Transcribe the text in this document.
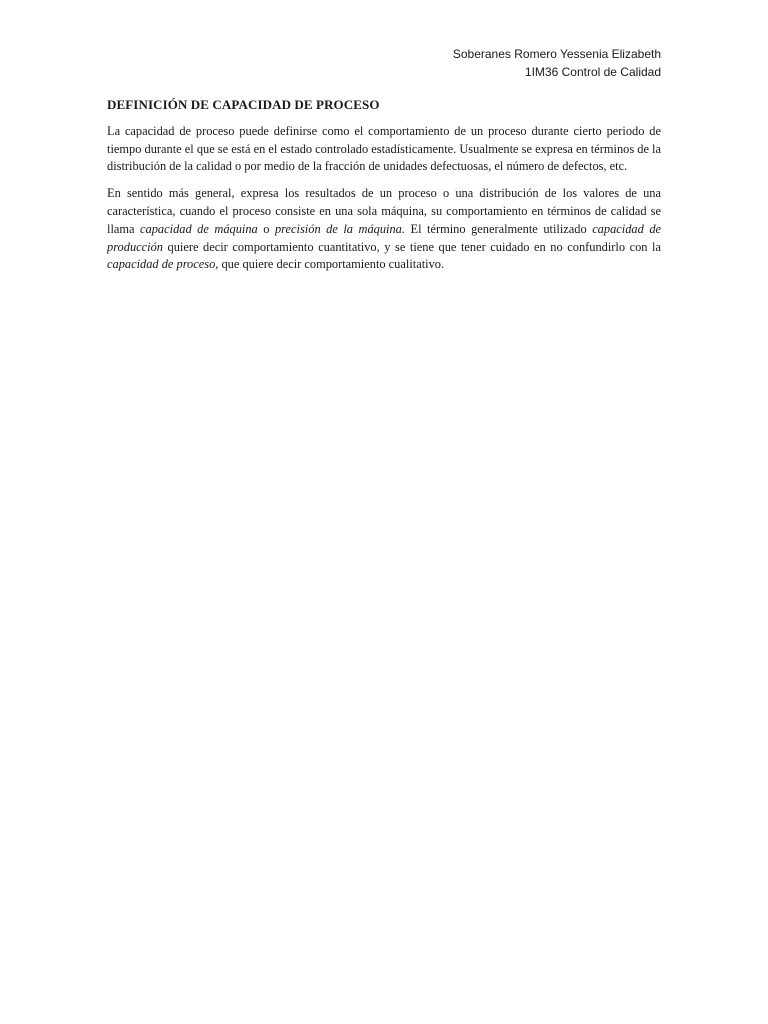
Soberanes Romero Yessenia Elizabeth
1IM36 Control de Calidad
DEFINICIÓN DE CAPACIDAD DE PROCESO

La capacidad de proceso puede definirse como el comportamiento de un proceso durante cierto periodo de tiempo durante el que se está en el estado controlado estadísticamente. Usualmente se expresa en términos de la distribución de la calidad o por medio de la fracción de unidades defectuosas, el número de defectos, etc.

En sentido más general, expresa los resultados de un proceso o una distribución de los valores de una característica, cuando el proceso consiste en una sola máquina, su comportamiento en términos de calidad se llama capacidad de máquina o precisión de la máquina. El término generalmente utilizado capacidad de producción quiere decir comportamiento cuantitativo, y se tiene que tener cuidado en no confundirlo con la capacidad de proceso, que quiere decir comportamiento cualitativo.
